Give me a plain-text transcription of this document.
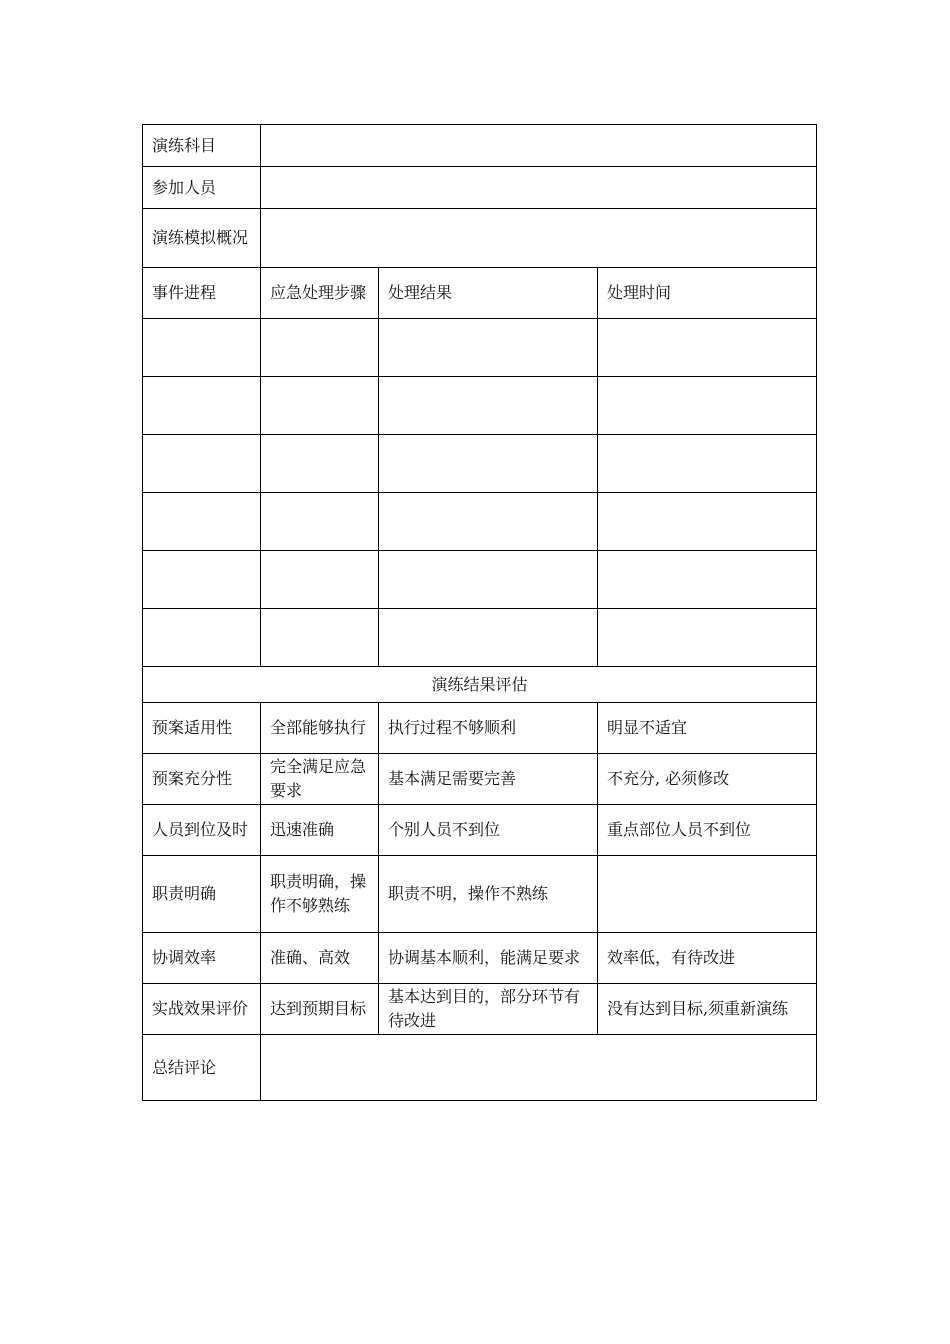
演练科目			
参加人员			
演练模拟概况			
事件进程	应急处理步骤	处理结果	处理时间

演练结果评估			
预案适用性	全部能够执行	执行过程不够顺利	明显不适宜
预案充分性	完全满足应急要求	基本满足需要完善	不充分, 必须修改
人员到位及时	迅速准确	个别人员不到位	重点部位人员不到位
职责明确	职责明确，操作不够熟练	职责不明，操作不熟练	
协调效率	准确、高效	协调基本顺利，能满足要求	效率低，有待改进
实战效果评价	达到预期目标	基本达到目的，部分环节有待改进	没有达到目标,须重新演练
总结评论			
